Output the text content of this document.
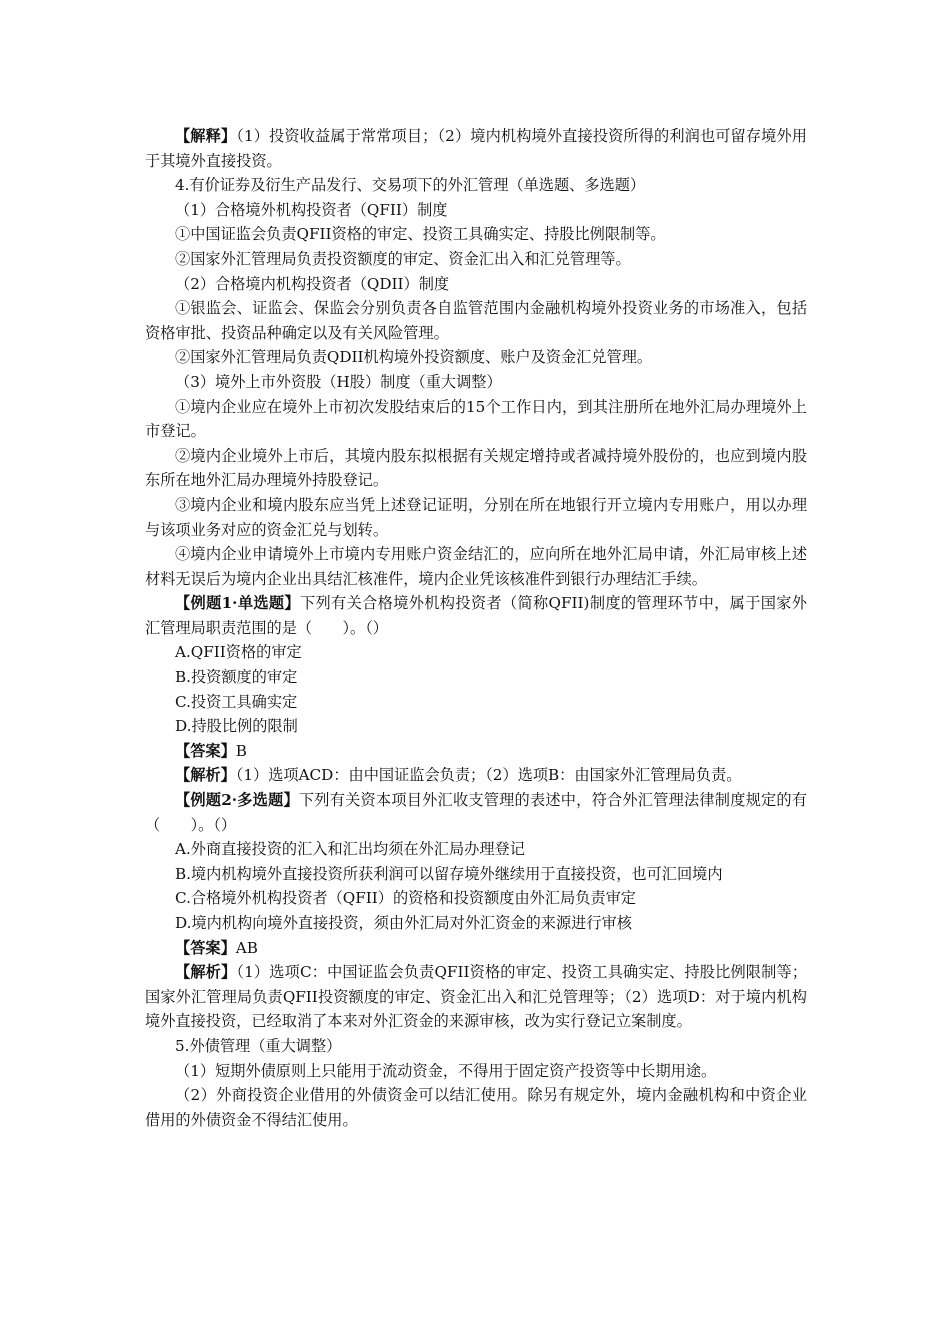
【解释】（1）投资收益属于常常项目；（2）境内机构境外直接投资所得的利润也可留存境外用于其境外直接投资。

4.有价证券及衍生产品发行、交易项下的外汇管理（单选题、多选题）

（1）合格境外机构投资者（QFII）制度

①中国证监会负责QFII资格的审定、投资工具确实定、持股比例限制等。

②国家外汇管理局负责投资额度的审定、资金汇出入和汇兑管理等。

（2）合格境内机构投资者（QDII）制度

①银监会、证监会、保监会分别负责各自监管范围内金融机构境外投资业务的市场准入，包括资格审批、投资品种确定以及有关风险管理。

②国家外汇管理局负责QDII机构境外投资额度、账户及资金汇兑管理。

（3）境外上市外资股（H股）制度（重大调整）

①境内企业应在境外上市初次发股结束后的15个工作日内，到其注册所在地外汇局办理境外上市登记。

②境内企业境外上市后，其境内股东拟根据有关规定增持或者减持境外股份的，也应到境内股东所在地外汇局办理境外持股登记。

③境内企业和境内股东应当凭上述登记证明，分别在所在地银行开立境内专用账户，用以办理与该项业务对应的资金汇兑与划转。

④境内企业申请境外上市境内专用账户资金结汇的，应向所在地外汇局申请，外汇局审核上述材料无误后为境内企业出具结汇核准件，境内企业凭该核准件到银行办理结汇手续。

【例题1·单选题】下列有关合格境外机构投资者（简称QFII)制度的管理环节中，属于国家外汇管理局职责范围的是（　　）。（）

A.QFII资格的审定

B.投资额度的审定

C.投资工具确实定

D.持股比例的限制

【答案】B

【解析】（1）选项ACD：由中国证监会负责；（2）选项B：由国家外汇管理局负责。

【例题2·多选题】下列有关资本项目外汇收支管理的表述中，符合外汇管理法律制度规定的有（　　）。（）

A.外商直接投资的汇入和汇出均须在外汇局办理登记

B.境内机构境外直接投资所获利润可以留存境外继续用于直接投资，也可汇回境内

C.合格境外机构投资者（QFII）的资格和投资额度由外汇局负责审定

D.境内机构向境外直接投资，须由外汇局对外汇资金的来源进行审核

【答案】AB

【解析】（1）选项C：中国证监会负责QFII资格的审定、投资工具确实定、持股比例限制等；国家外汇管理局负责QFII投资额度的审定、资金汇出入和汇兑管理等；（2）选项D：对于境内机构境外直接投资，已经取消了本来对外汇资金的来源审核，改为实行登记立案制度。

5.外债管理（重大调整）

（1）短期外债原则上只能用于流动资金，不得用于固定资产投资等中长期用途。

（2）外商投资企业借用的外债资金可以结汇使用。除另有规定外，境内金融机构和中资企业借用的外债资金不得结汇使用。
